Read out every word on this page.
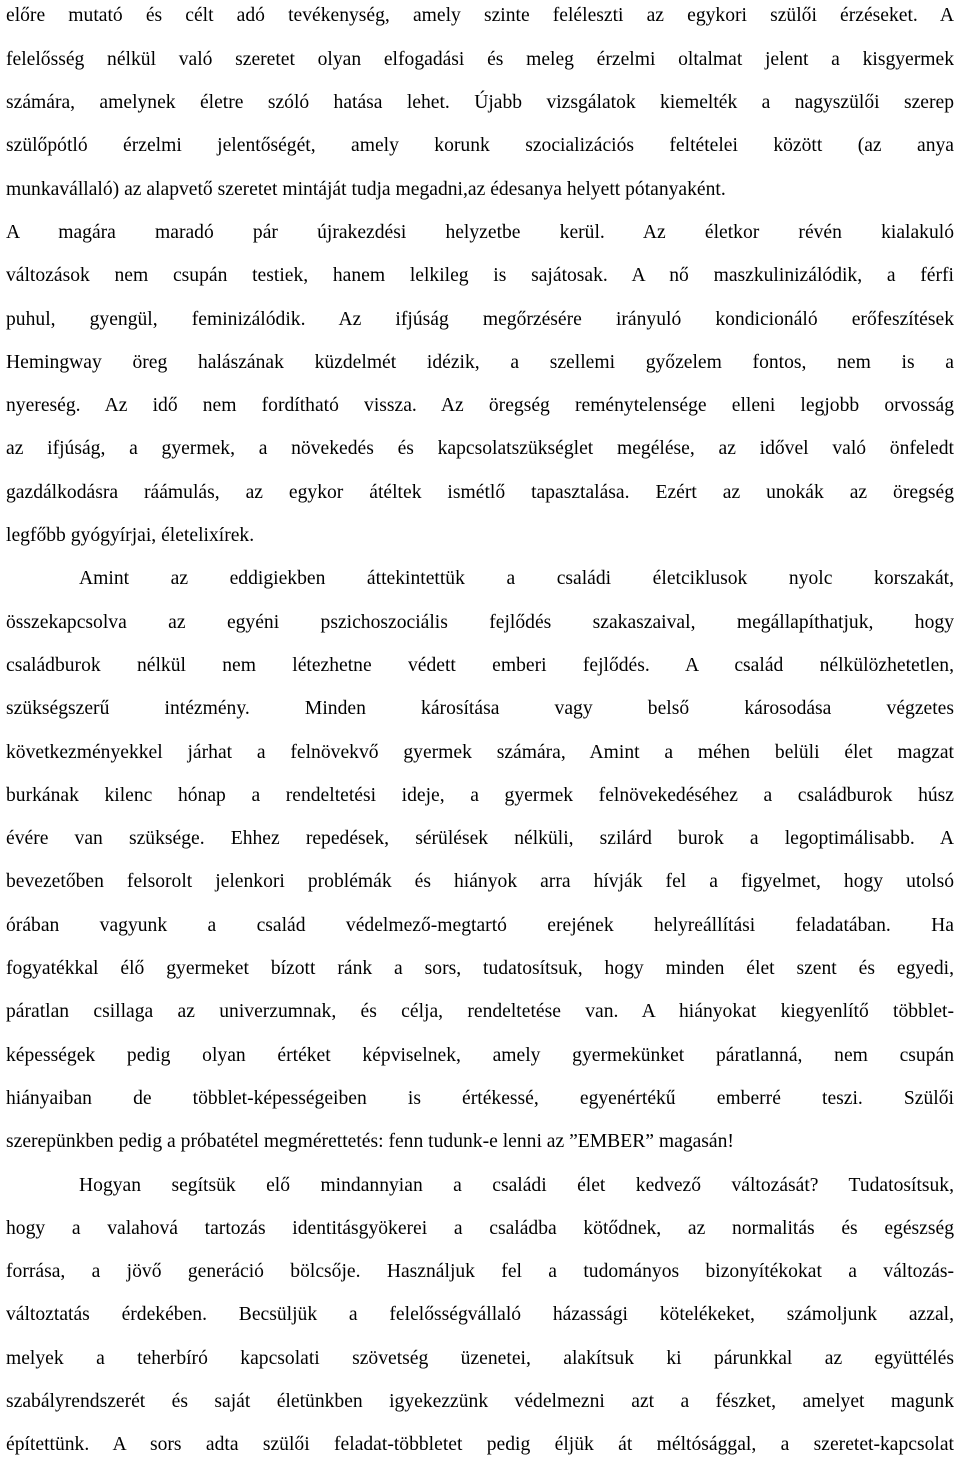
előre mutató és célt adó tevékenység, amely szinte feléleszti az egykori szülői érzéseket. A
felelősség nélkül való szeretet olyan elfogadási és meleg érzelmi oltalmat jelent a kisgyermek
számára, amelynek életre szóló hatása lehet. Újabb vizsgálatok kiemelték a nagyszülői szerep
szülőpótló érzelmi jelentőségét, amely korunk szocializációs feltételei között (az anya
munkavállaló) az alapvető szeretet mintáját tudja megadni,az édesanya helyett pótanyaként.
A magára maradó pár újrakezdési helyzetbe kerül. Az életkor révén kialakuló
változások nem csupán testiek, hanem lelkileg is sajátosak. A nő maszkulinizálódik, a férfi
puhul, gyengül, feminizálódik. Az ifjúság megőrzésére irányuló kondicionáló erőfeszítések
Hemingway öreg halászának küzdelmét idézik, a szellemi győzelem fontos, nem is a
nyereség. Az idő nem fordítható vissza. Az öregség reménytelensége elleni legjobb orvosság
az ifjúság, a gyermek, a növekedés és kapcsolatszükséglet megélése, az idővel való önfeledt
gazdálkodásra ráámulás, az egykor átéltek ismétlő tapasztalása. Ezért az unokák az öregség
legfőbb gyógyírjai, életelixírek.
Amint az eddigiekben áttekintettük a családi életciklusok nyolc korszakát,
összekapcsolva az egyéni pszichoszociális fejlődés szakaszaival, megállapíthatjuk, hogy
családburok nélkül nem létezhetne védett emberi fejlődés. A család nélkülözhetetlen,
szükségszerű intézmény. Minden károsítása vagy belső károsodása végzetes
következményekkel járhat a felnövekvő gyermek számára, Amint a méhen belüli élet magzat
burkának kilenc hónap a rendeltetési ideje, a gyermek felnövekedéséhez a családburok húsz
évére van szüksége. Ehhez repedések, sérülések nélküli, szilárd burok a legoptimálisabb. A
bevezetőben felsorolt jelenkori problémák és hiányok arra hívják fel a figyelmet, hogy utolsó
órában vagyunk a család védelmező-megtartó erejének helyreállítási feladatában. Ha
fogyatékkal élő gyermeket bízott ránk a sors, tudatosítsuk, hogy minden élet szent és egyedi,
páratlan csillaga az univerzumnak, és célja, rendeltetése van. A hiányokat kiegyenlítő többlet-
képességek pedig olyan értéket képviselnek, amely gyermekünket páratlanná, nem csupán
hiányaiban de többlet-képességeiben is értékessé, egyenértékű emberré teszi. Szülői
szerepünkben pedig a próbatétel megmérettetés: fenn tudunk-e lenni az ”EMBER” magasán!
Hogyan segítsük elő mindannyian a családi élet kedvező változását? Tudatosítsuk,
hogy a valahová tartozás identitásgyökerei a családba kötődnek, az normalitás és egészség
forrása, a jövő generáció bölcsője. Használjuk fel a tudományos bizonyítékokat a változás-
változtatás érdekében. Becsüljük a felelősségvállaló házassági kötelékeket, számoljunk azzal,
melyek a teherbíró kapcsolati szövetség üzenetei, alakítsuk ki párunkkal az együttélés
szabályrendszerét és saját életünkben igyekezzünk védelmezni azt a fészket, amelyet magunk
építettünk. A sors adta szülői feladat-többletet pedig éljük át méltósággal, a szeretet-kapcsolat
